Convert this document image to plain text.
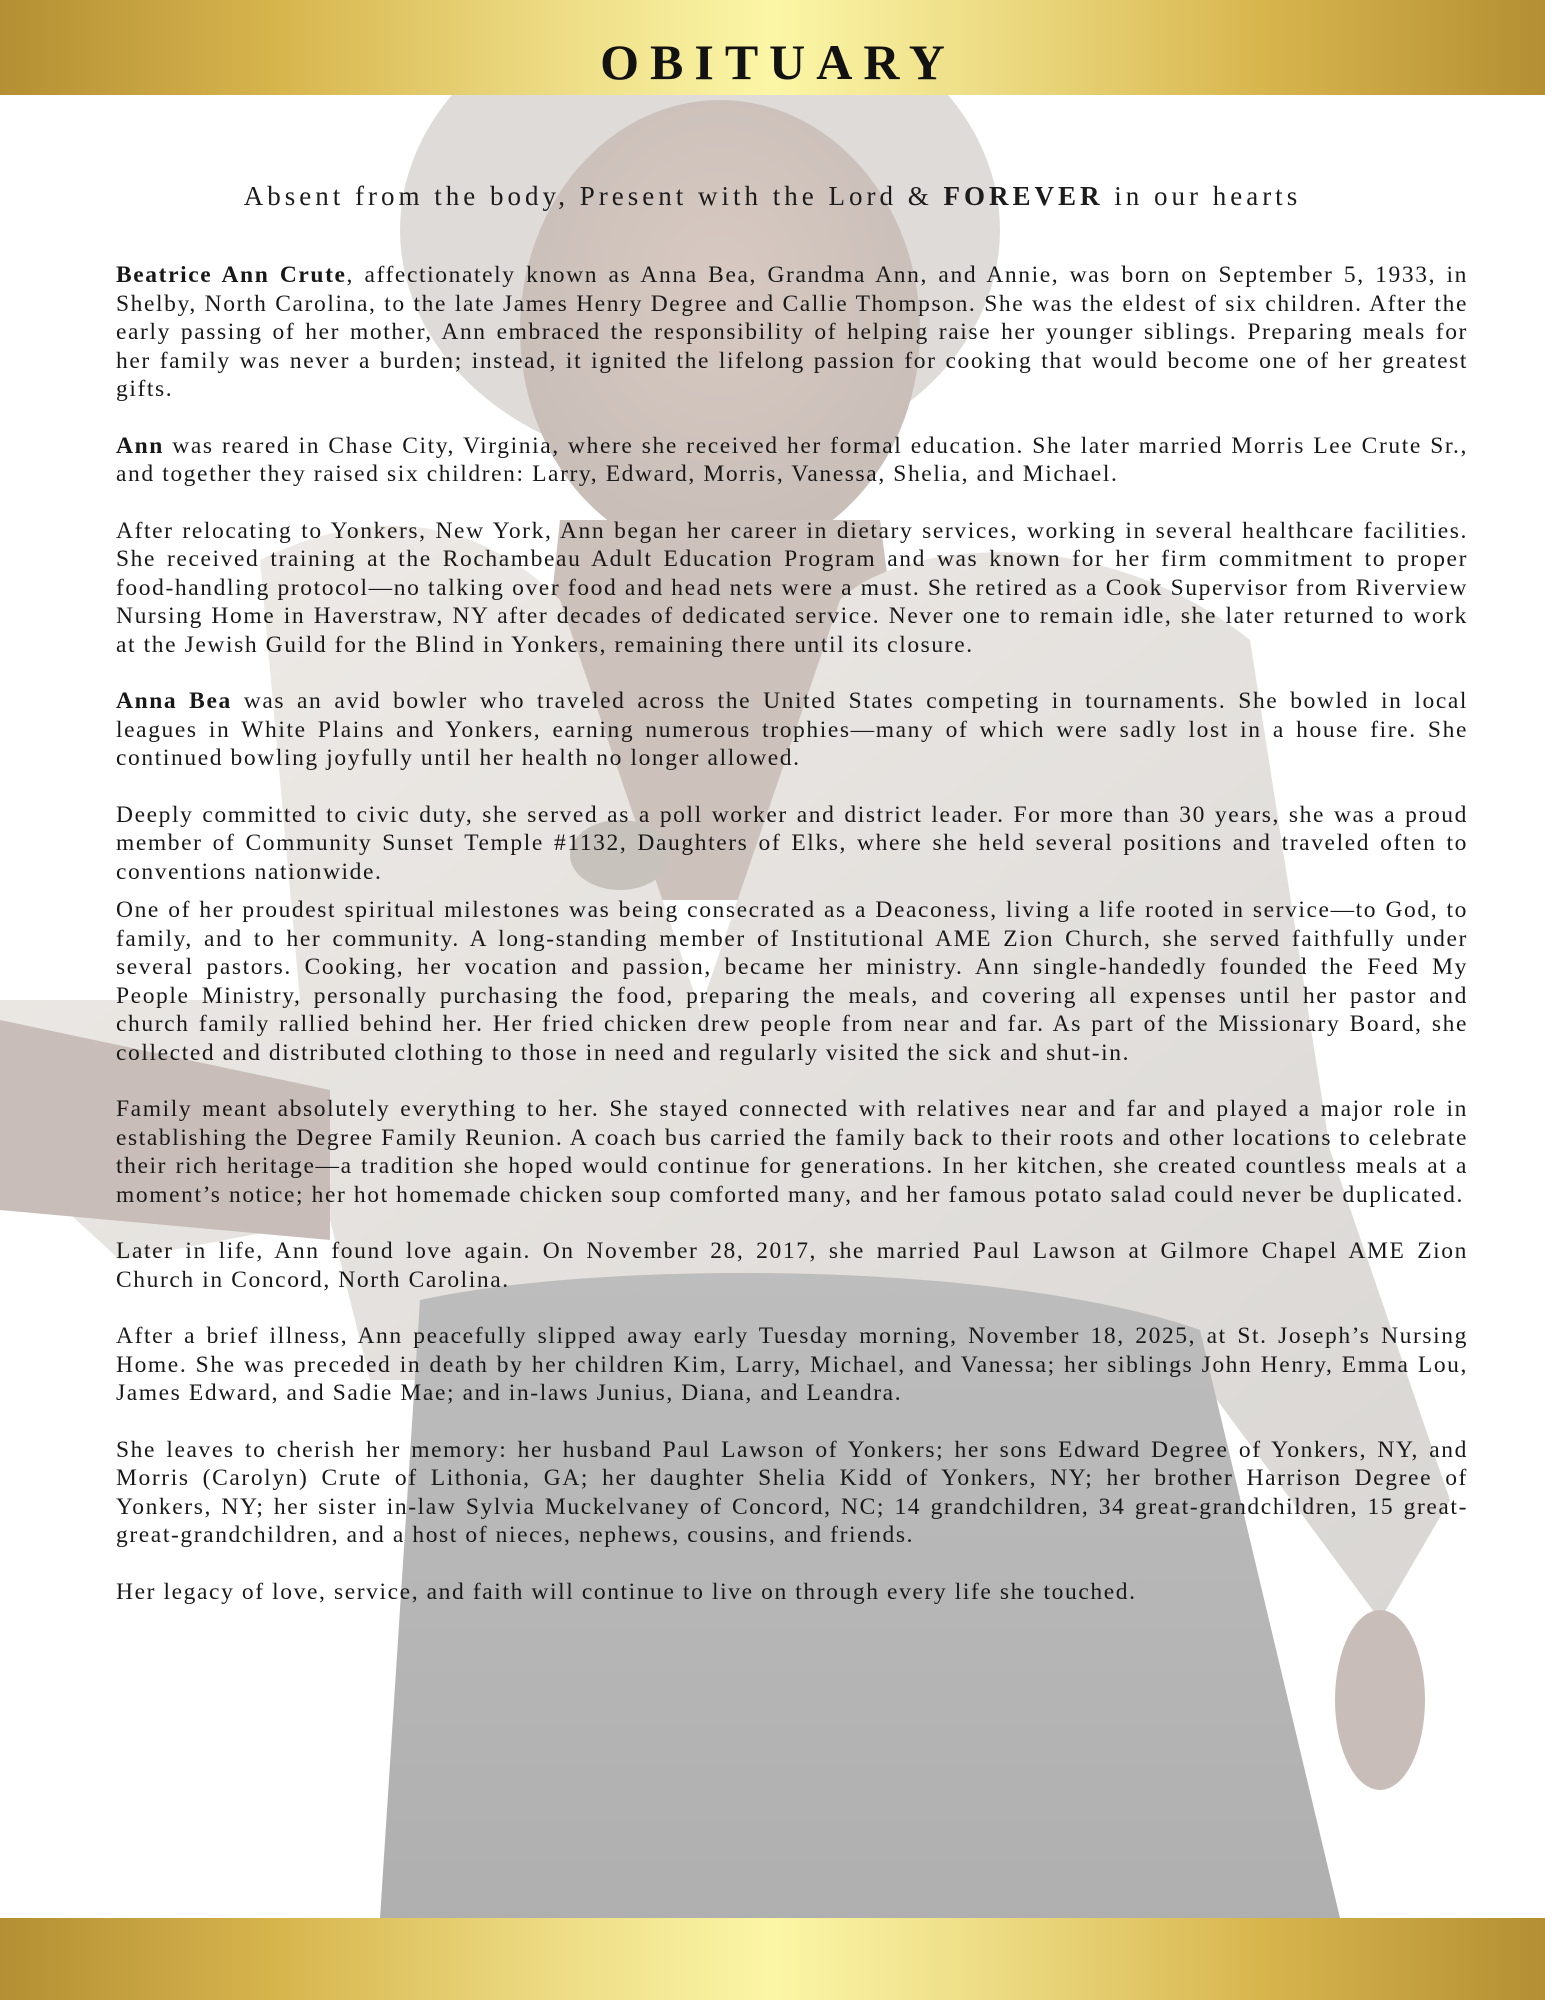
OBITUARY
Absent from the body, Present with the Lord & FOREVER in our hearts

Beatrice Ann Crute, affectionately known as Anna Bea, Grandma Ann, and Annie, was born on September 5, 1933, in Shelby, North Carolina, to the late James Henry Degree and Callie Thompson. She was the eldest of six children. After the early passing of her mother, Ann embraced the responsibility of helping raise her younger siblings. Preparing meals for her family was never a burden; instead, it ignited the lifelong passion for cooking that would become one of her greatest gifts.

Ann was reared in Chase City, Virginia, where she received her formal education. She later married Morris Lee Crute Sr., and together they raised six children: Larry, Edward, Morris, Vanessa, Shelia, and Michael.

After relocating to Yonkers, New York, Ann began her career in dietary services, working in several healthcare facilities. She received training at the Rochambeau Adult Education Program and was known for her firm commitment to proper food-handling protocol—no talking over food and head nets were a must. She retired as a Cook Supervisor from Riverview Nursing Home in Haverstraw, NY after decades of dedicated service. Never one to remain idle, she later returned to work at the Jewish Guild for the Blind in Yonkers, remaining there until its closure.

Anna Bea was an avid bowler who traveled across the United States competing in tournaments. She bowled in local leagues in White Plains and Yonkers, earning numerous trophies—many of which were sadly lost in a house fire. She continued bowling joyfully until her health no longer allowed.

Deeply committed to civic duty, she served as a poll worker and district leader. For more than 30 years, she was a proud member of Community Sunset Temple #1132, Daughters of Elks, where she held several positions and traveled often to conventions nationwide.

One of her proudest spiritual milestones was being consecrated as a Deaconess, living a life rooted in service—to God, to family, and to her community. A long-standing member of Institutional AME Zion Church, she served faithfully under several pastors. Cooking, her vocation and passion, became her ministry. Ann single-handedly founded the Feed My People Ministry, personally purchasing the food, preparing the meals, and covering all expenses until her pastor and church family rallied behind her. Her fried chicken drew people from near and far. As part of the Missionary Board, she collected and distributed clothing to those in need and regularly visited the sick and shut-in.

Family meant absolutely everything to her. She stayed connected with relatives near and far and played a major role in establishing the Degree Family Reunion. A coach bus carried the family back to their roots and other locations to celebrate their rich heritage—a tradition she hoped would continue for generations. In her kitchen, she created countless meals at a moment’s notice; her hot homemade chicken soup comforted many, and her famous potato salad could never be duplicated.

Later in life, Ann found love again. On November 28, 2017, she married Paul Lawson at Gilmore Chapel AME Zion Church in Concord, North Carolina.

After a brief illness, Ann peacefully slipped away early Tuesday morning, November 18, 2025, at St. Joseph’s Nursing Home. She was preceded in death by her children Kim, Larry, Michael, and Vanessa; her siblings John Henry, Emma Lou, James Edward, and Sadie Mae; and in-laws Junius, Diana, and Leandra.

She leaves to cherish her memory: her husband Paul Lawson of Yonkers; her sons Edward Degree of Yonkers, NY, and Morris (Carolyn) Crute of Lithonia, GA; her daughter Shelia Kidd of Yonkers, NY; her brother Harrison Degree of Yonkers, NY; her sister in-law Sylvia Muckelvaney of Concord, NC; 14 grandchildren, 34 great-grandchildren, 15 great-great-grandchildren, and a host of nieces, nephews, cousins, and friends.

Her legacy of love, service, and faith will continue to live on through every life she touched.
